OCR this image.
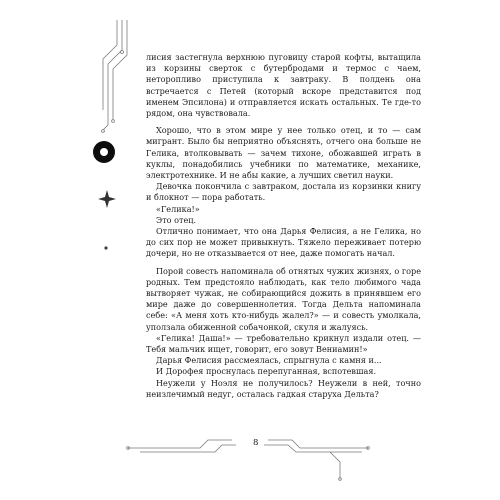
лисия застегнула верхнюю пуговицу старой кофты, вытащила из корзины сверток с бутербродами и термос с чаем, неторопливо приступила к завтраку. В полдень она встречается с Петей (который вскоре представится под именем Эпсилона) и отправляется искать остальных. Те где-то рядом, она чувствовала.

Хорошо, что в этом мире у нее только отец, и то — сам мигрант. Было бы неприятно объяснять, отчего она больше не Гелика, втолковывать — зачем тихоне, обожавшей играть в куклы, понадобились учебники по математике, механике, электротехнике. И не абы какие, а лучших светил науки.

Девочка покончила с завтраком, достала из корзинки книгу и блокнот — пора работать.

«Гелика!»

Это отец.

Отлично понимает, что она Дарья Фелисия, а не Гелика, но до сих пор не может привыкнуть. Тяжело переживает потерю дочери, но не отказывается от нее, даже помогать начал.

Порой совесть напоминала об отнятых чужих жизнях, о горе родных. Тем предстояло наблюдать, как тело любимого чада вытворяет чужак, не собирающийся дожить в принявшем его мире даже до совершеннолетия. Тогда Дельта напоминала себе: «А меня хоть кто-нибудь жалел?» — и совесть умолкала, уползала обиженной собачонкой, скуля и жалуясь.

«Гелика! Даша!» — требовательно крикнул издали отец. — Тебя мальчик ищет, говорит, его зовут Вениамин!»

Дарья Фелисия рассмеялась, спрыгнула с камня и...

И Дорофея проснулась перепуганная, вспотевшая.

Неужели у Ноэля не получилось? Неужели в ней, точно неизлечимый недуг, осталась гадкая старуха Дельта?

8
